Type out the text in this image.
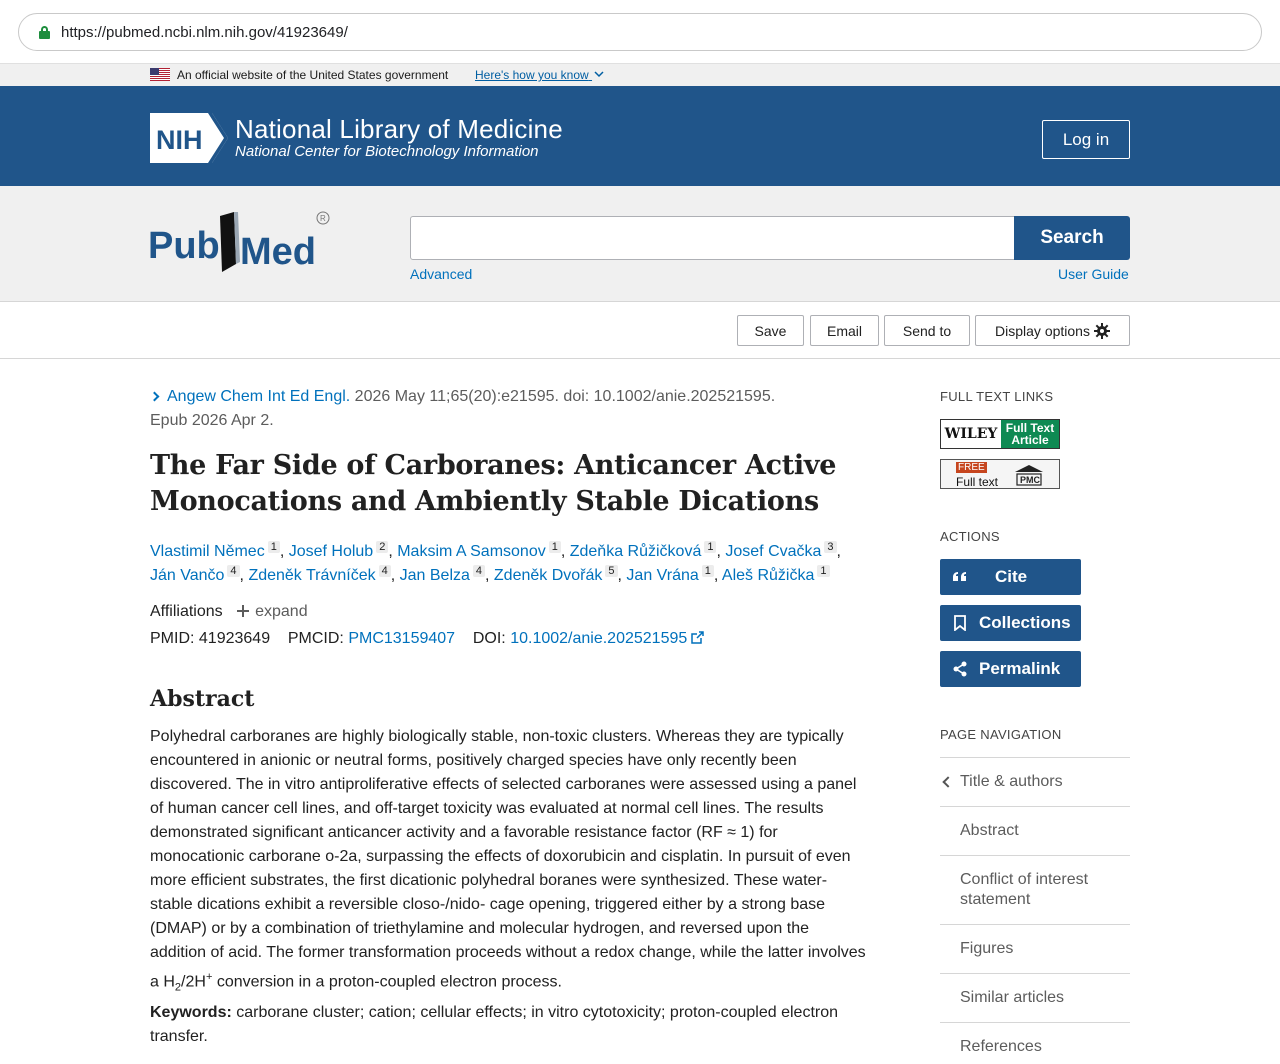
https://pubmed.ncbi.nlm.nih.gov/41923649/
An official website of the United States government Here's how you know
NIH National Library of Medicine
National Center for Biotechnology Information
Log in
Pub Med
R
Search
Advanced	User Guide
Save	Email	Send to	Display options
Angew Chem Int Ed Engl. 2026 May 11;65(20):e21595. doi: 10.1002/anie.202521595.
Epub 2026 Apr 2.
The Far Side of Carboranes: Anticancer Active Monocations and Ambiently Stable Dications
Vlastimil Němec $^1$ , Josef Holub $^2$ , Maksim A Samsonov $^1$ , Zdeňka Růžičková $^1$ , Josef Cvačka $^3$ ,
Ján Vančo $^4$ , Zdeněk Trávníček $^4$ , Jan Belza $^4$ , Zdeněk Dvořák $^5$ , Jan Vrána $^1$ , Aleš Růžička $^1$
Affiliations expand
PMID: 41923649 PMCID: PMC13159407 DOI: 10.1002/anie.202521595
Abstract

Polyhedral carboranes are highly biologically stable, non-toxic clusters. Whereas they are typically encountered in anionic or neutral forms, positively charged species have only recently been discovered. The in vitro antiproliferative effects of selected carboranes were assessed using a panel of human cancer cell lines, and off-target toxicity was evaluated at normal cell lines. The results demonstrated significant anticancer activity and a favorable resistance factor (RF ≈ 1) for monocationic carborane o-2a, surpassing the effects of doxorubicin and cisplatin. In pursuit of even more efficient substrates, the first dicationic polyhedral boranes were synthesized. These water-stable dications exhibit a reversible closo-/nido- cage opening, triggered either by a strong base (DMAP) or by a combination of triethylamine and molecular hydrogen, and reversed upon the addition of acid. The former transformation proceeds without a redox change, while the latter involves a $H_2/2H^+$ conversion in a proton-coupled electron process.

Keywords: carborane cluster; cation; cellular effects; in vitro cytotoxicity; proton-coupled electron transfer.

FULL TEXT LINKS
WILEY Full Text
Article
FREE
Full text PMC
ACTIONS
Cite
Collections
Permalink
PAGE NAVIGATION
Title & authors
Abstract
Conflict of interest statement
Figures
Similar articles
References
